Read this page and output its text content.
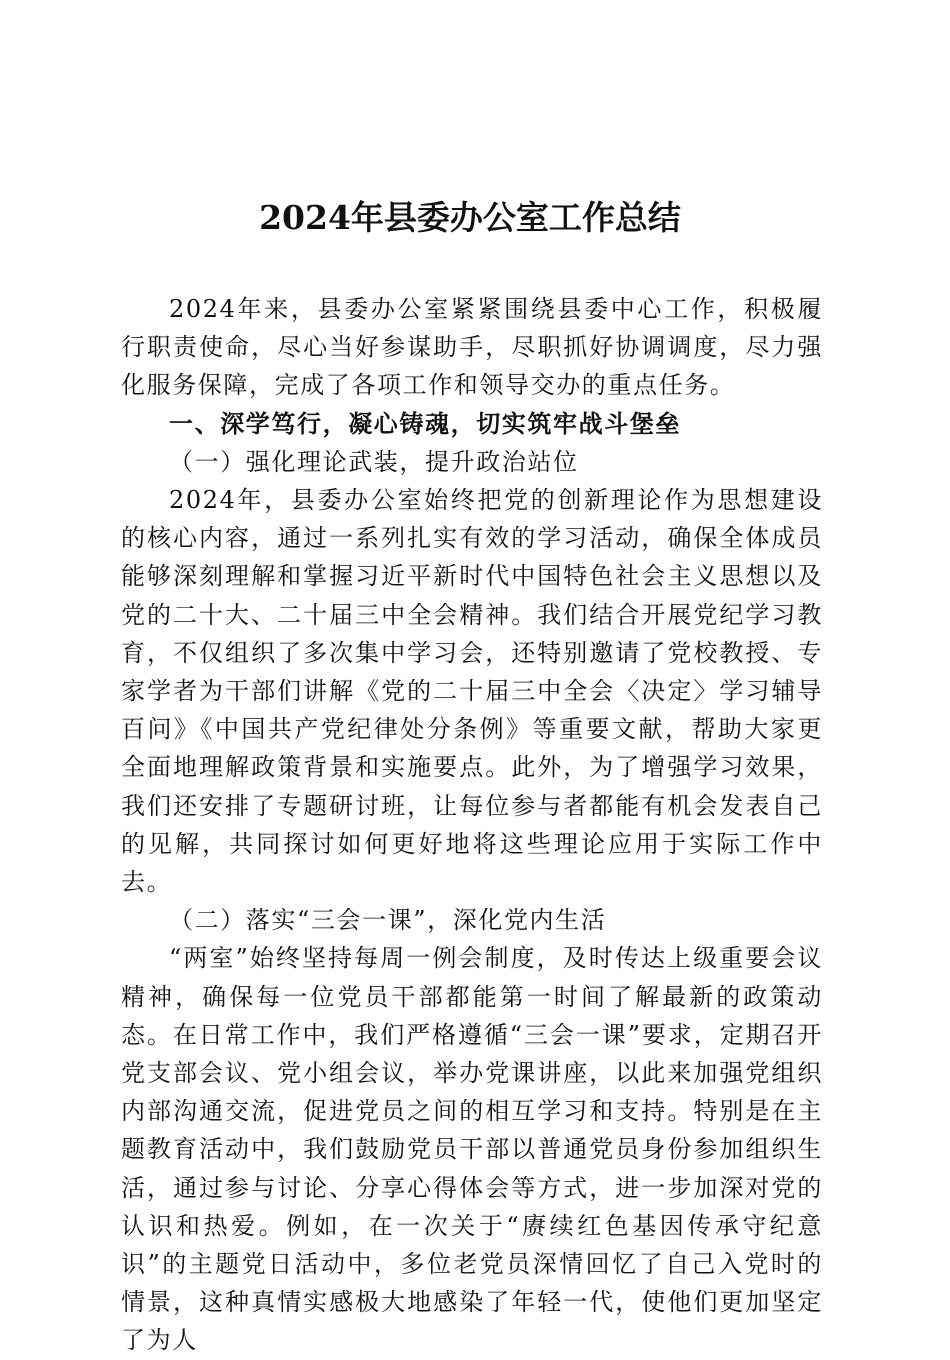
2024年县委办公室工作总结

2024年来，县委办公室紧紧围绕县委中心工作，积极履行职责使命，尽心当好参谋助手，尽职抓好协调调度，尽力强化服务保障，完成了各项工作和领导交办的重点任务。

一、深学笃行，凝心铸魂，切实筑牢战斗堡垒

（一）强化理论武装，提升政治站位

2024年，县委办公室始终把党的创新理论作为思想建设的核心内容，通过一系列扎实有效的学习活动，确保全体成员能够深刻理解和掌握习近平新时代中国特色社会主义思想以及党的二十大、二十届三中全会精神。我们结合开展党纪学习教育，不仅组织了多次集中学习会，还特别邀请了党校教授、专家学者为干部们讲解《党的二十届三中全会〈决定〉学习辅导百问》《中国共产党纪律处分条例》等重要文献，帮助大家更全面地理解政策背景和实施要点。此外，为了增强学习效果，我们还安排了专题研讨班，让每位参与者都能有机会发表自己的见解，共同探讨如何更好地将这些理论应用于实际工作中去。

（二）落实“三会一课”，深化党内生活

“两室”始终坚持每周一例会制度，及时传达上级重要会议精神，确保每一位党员干部都能第一时间了解最新的政策动态。在日常工作中，我们严格遵循“三会一课”要求，定期召开党支部会议、党小组会议，举办党课讲座，以此来加强党组织内部沟通交流，促进党员之间的相互学习和支持。特别是在主题教育活动中，我们鼓励党员干部以普通党员身份参加组织生活，通过参与讨论、分享心得体会等方式，进一步加深对党的认识和热爱。例如，在一次关于“赓续红色基因传承守纪意识”的主题党日活动中，多位老党员深情回忆了自己入党时的情景，这种真情实感极大地感染了年轻一代，使他们更加坚定了为人
